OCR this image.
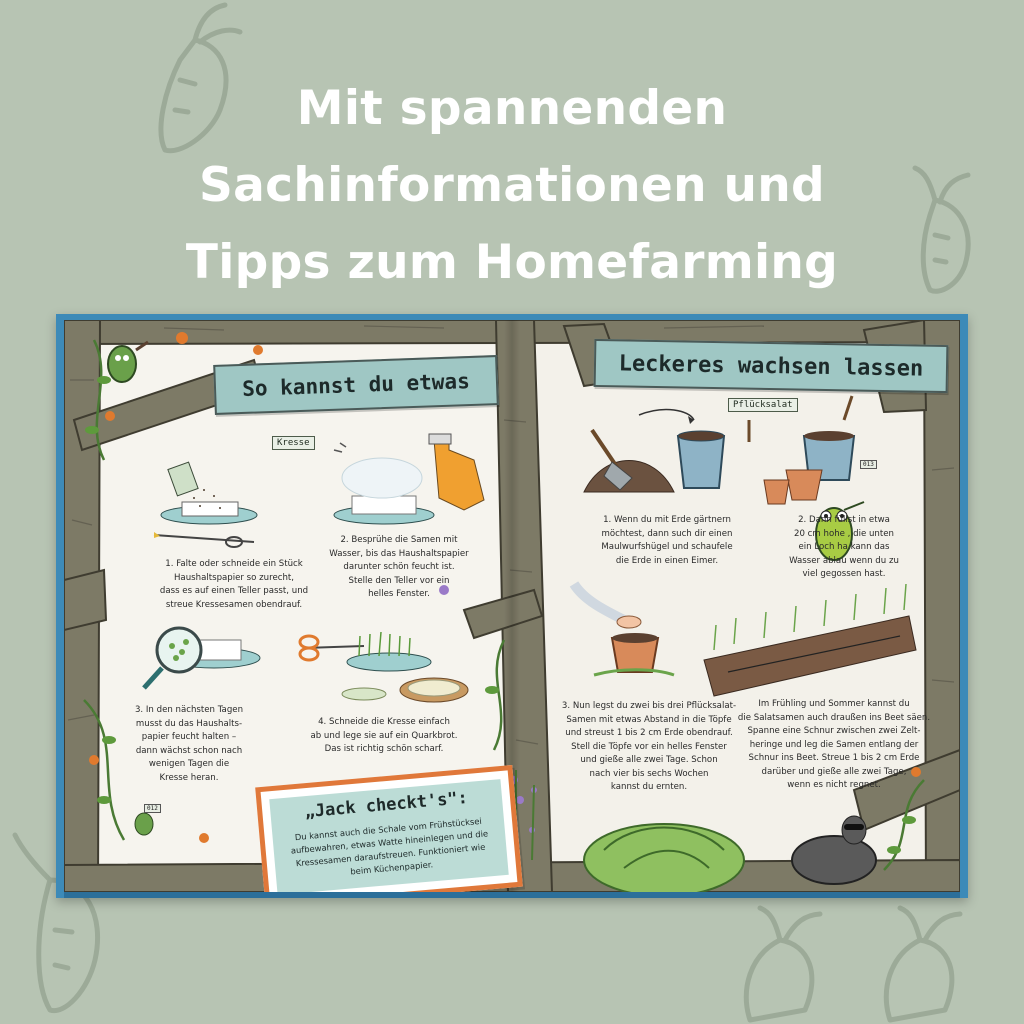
Mit spannenden
Sachinformationen und
Tipps zum Homefarming
So kannst du etwas
Kresse
1. Falte oder schneide ein Stück
Haushaltspapier so zurecht,
dass es auf einen Teller passt, und
streue Kressesamen obendrauf.
2. Besprühe die Samen mit
Wasser, bis das Haushaltspapier
darunter schön feucht ist.
Stelle den Teller vor ein
helles Fenster.
3. In den nächsten Tagen
musst du das Haushalts-
papier feucht halten –
dann wächst schon nach
wenigen Tagen die
Kresse heran.
4. Schneide die Kresse einfach
ab und lege sie auf ein Quarkbrot.
Das ist richtig schön scharf.
012	„Jack checkt's":
Du kannst auch die Schale vom Frühstücksei
aufbewahren, etwas Watte hineinlegen und die
Kressesamen daraufstreuen. Funktioniert wie
beim Küchenpapier.
Leckeres wachsen lassen
Pflücksalat
1. Wenn du mit Erde gärtnern
möchtest, dann such dir einen
Maulwurfshügel und schaufele
die Erde in einen Eimer.
2. Dann füllst in etwa
20 cm hohe , die unten
ein Loch ha kann das
Wasser ablau wenn du zu
viel gegossen hast.
3. Nun legst du zwei bis drei Pflücksalat-
Samen mit etwas Abstand in die Töpfe
und streust 1 bis 2 cm Erde obendrauf.
Stell die Töpfe vor ein helles Fenster
und gieße alle zwei Tage. Schon
nach vier bis sechs Wochen
kannst du ernten.
Im Frühling und Sommer kannst du
die Salatsamen auch draußen ins Beet säen.
Spanne eine Schnur zwischen zwei Zelt-
heringe und leg die Samen entlang der
Schnur ins Beet. Streue 1 bis 2 cm Erde
darüber und gieße alle zwei Tage,
wenn es nicht regnet.
013
